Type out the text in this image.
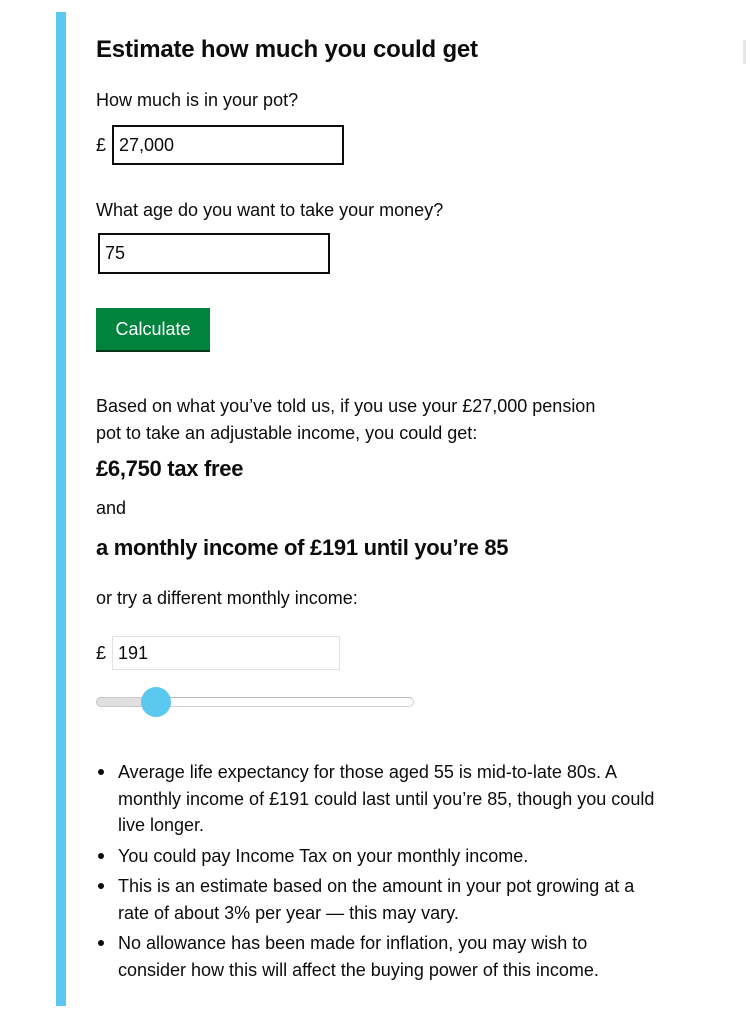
Estimate how much you could get

How much is in your pot?

£
27,000

What age do you want to take your money?

75
Calculate

Based on what you’ve told us, if you use your £27,000 pension
pot to take an adjustable income, you could get:

£6,750 tax free

and

a monthly income of £191 until you’re 85

or try a different monthly income:

£
191
Average life expectancy for those aged 55 is mid-to-late 80s. A monthly income of £191 could last until you’re 85, though you could live longer.
You could pay Income Tax on your monthly income.
This is an estimate based on the amount in your pot growing at a rate of about 3% per year — this may vary.
No allowance has been made for inflation, you may wish to consider how this will affect the buying power of this income.
